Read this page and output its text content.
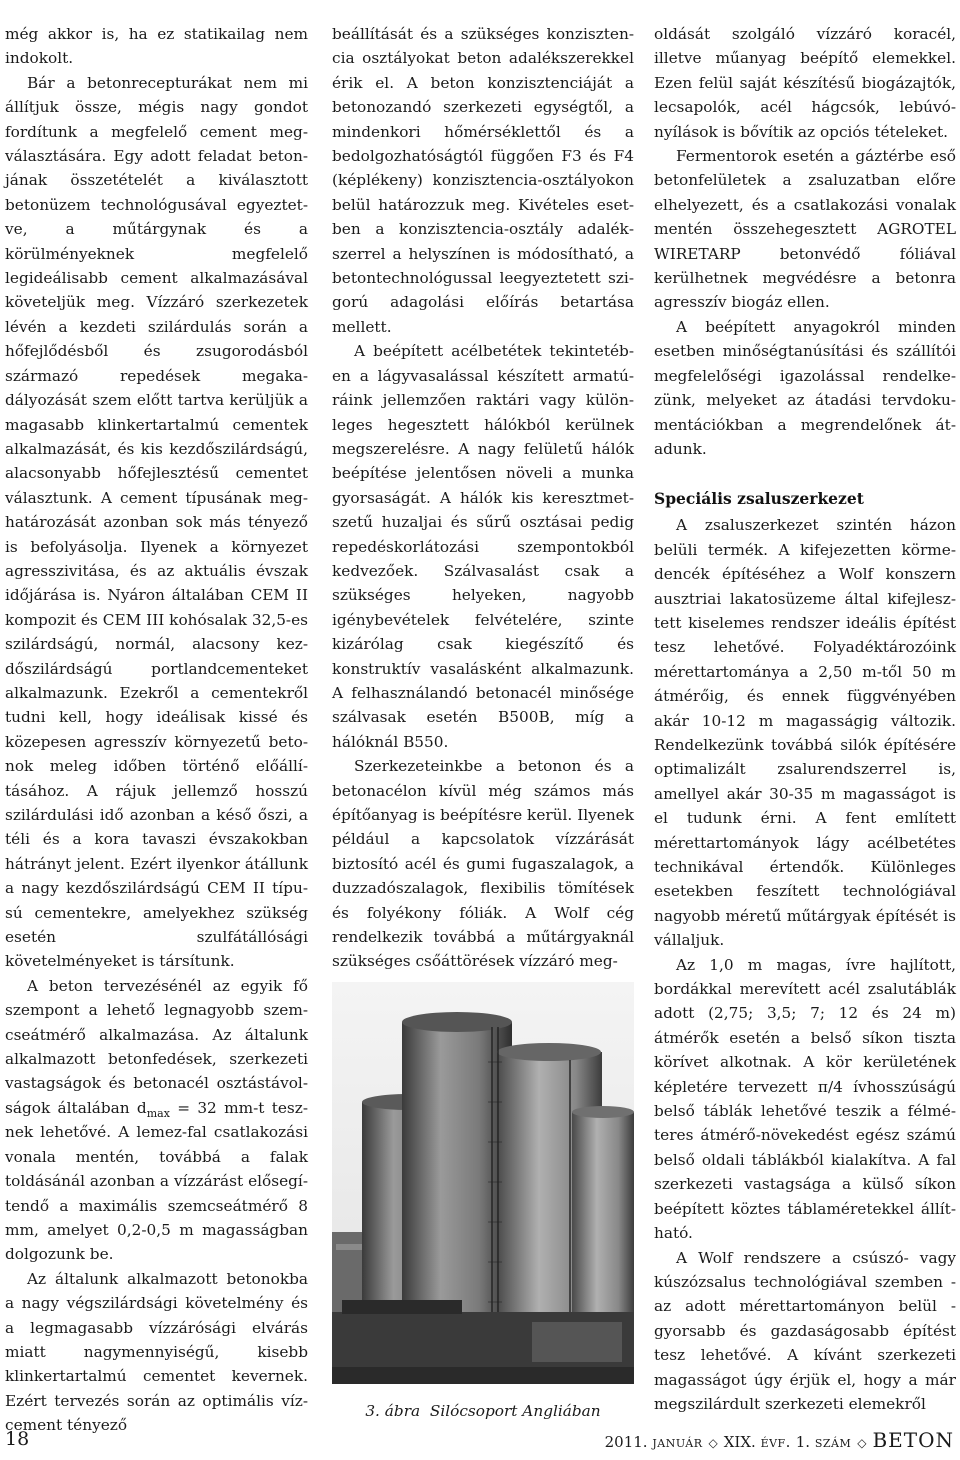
még akkor is, ha ez statikailag nem indokolt.

Bár a betonrecepturákat nem mi állítjuk össze, mégis nagy gondot fordítunk a megfelelő cement megválasztására. Egy adott feladat betonjának összetételét a kiválasztott betonüzem technológusával egyeztetve, a műtárgynak és a körülményeknek megfelelő legideálisabb cement alkalmazásával követeljük meg. Vízzáró szerkezetek lévén a kezdeti szilárdulás során a hőfejlődésből és zsugorodásból származó repedések megakadályozását szem előtt tartva kerüljük a magasabb klinkertartalmú cementek alkalmazását, és kis kezdőszilárdságú, alacsonyabb hőfejlesztésű cementet választunk. A cement típusának meghatározását azonban sok más tényező is befolyásolja. Ilyenek a környezet agresszivitása, és az aktuális évszak időjárása is. Nyáron általában CEM II kompozit és CEM III kohósalak 32,5-es szilárdságú, normál, alacsony kezdőszilárdságú portlandcementeket alkalmazunk. Ezekről a cementekről tudni kell, hogy ideálisak kissé és közepesen agresszív környezetű betonok meleg időben történő előállításához. A rájuk jellemző hosszú szilárdulási idő azonban a késő őszi, a téli és a kora tavaszi évszakokban hátrányt jelent. Ezért ilyenkor átállunk a nagy kezdőszilárdságú CEM II típusú cementekre, amelyekhez szükség esetén szulfátállósági követelményeket is társítunk.

A beton tervezésénél az egyik fő szempont a lehető legnagyobb szemcseátmérő alkalmazása. Az általunk alkalmazott betonfedések, szerkezeti vastagságok és betonacél osztástávolságok általában $d_{max} = 32$ mm-t tesznek lehetővé. A lemez-fal csatlakozási vonala mentén, továbbá a falak toldásánál azonban a vízzárást elősegítendő a maximális szemcseátmérő 8 mm, amelyet 0,2-0,5 m magasságban dolgozunk be.

Az általunk alkalmazott betonokba a nagy végszilárdsági követelmény és a legmagasabb vízzárósági elvárás miatt nagymennyiségű, kisebb klinkertartalmú cementet kevernek. Ezért tervezés során az optimális víz-cement tényező

beállítását és a szükséges konzisztencia osztályokat beton adalékszerekkel érik el. A beton konzisztenciáját a betonozandó szerkezeti egységtől, a mindenkori hőmérséklettől és a bedolgozhatóságtól függően F3 és F4 (képlékeny) konzisztencia-osztályokon belül határozzuk meg. Kivételes esetben a konzisztencia-osztály adalékszerrel a helyszínen is módosítható, a betontechnológussal leegyeztetett szigorú adagolási előírás betartása mellett.

A beépített acélbetétek tekintetében a lágyvasalással készített armatúráink jellemzően raktári vagy különleges hegesztett hálókból kerülnek megszerelésre. A nagy felületű hálók beépítése jelentősen növeli a munka gyorsaságát. A hálók kis keresztmetszetű huzaljai és sűrű osztásai pedig repedéskorlátozási szempontokból kedvezőek. Szálvasalást csak a szükséges helyeken, nagyobb igénybevételek felvételére, szinte kizárólag csak kiegészítő és konstruktív vasalásként alkalmazunk. A felhasználandó betonacél minősége szálvasak esetén B500B, míg a hálóknál B550.

Szerkezeteinkbe a betonon és a betonacélon kívül még számos más építőanyag is beépítésre kerül. Ilyenek például a kapcsolatok vízzárását biztosító acél és gumi fugaszalagok, a duzzadószalagok, flexibilis tömítések és folyékony fóliák. A Wolf cég rendelkezik továbbá a műtárgyaknál szükséges csőáttörések vízzáró meg-

3. ábra Silócsoport Angliában

oldását szolgáló vízzáró koracél, illetve műanyag beépítő elemekkel. Ezen felül saját készítésű biogázajtók, lecsapolók, acél hágcsók, lebúvónyílások is bővítik az opciós tételeket.

Fermentorok esetén a gáztérbe eső betonfelületek a zsaluzatban előre elhelyezett, és a csatlakozási vonalak mentén összehegesztett AGROTEL WIRETARP betonvédő fóliával kerülhetnek megvédésre a betonra agresszív biogáz ellen.

A beépített anyagokról minden esetben minőségtanúsítási és szállítói megfelelőségi igazolással rendelkezünk, melyeket az átadási tervdokumentációkban a megrendelőnek átadunk.

Speciális zsaluszerkezet

A zsaluszerkezet szintén házon belüli termék. A kifejezetten körmedencék építéséhez a Wolf konszern ausztriai lakatosüzeme által kifejlesztett kiselemes rendszer ideális építést tesz lehetővé. Folyadéktározóink mérettartománya a 2,50 m-től 50 m átmérőig, és ennek függvényében akár 10-12 m magasságig változik. Rendelkezünk továbbá silók építésére optimalizált zsalurendszerrel is, amellyel akár 30-35 m magasságot is el tudunk érni. A fent említett mérettartományok lágy acélbetétes technikával értendők. Különleges esetekben feszített technológiával nagyobb méretű műtárgyak építését is vállaljuk.

Az 1,0 m magas, ívre hajlított, bordákkal merevített acél zsalutáblák adott (2,75; 3,5; 7; 12 és 24 m) átmérők esetén a belső síkon tiszta körívet alkotnak. A kör kerületének képletére tervezett π/4 ívhosszúságú belső táblák lehetővé teszik a félméteres átmérő-növekedést egész számú belső oldali táblákból kialakítva. A fal szerkezeti vastagsága a külső síkon beépített köztes táblaméretekkel állítható.

A Wolf rendszere a csúszó- vagy kúszózsalus technológiával szemben - az adott mérettartományon belül - gyorsabb és gazdaságosabb építést tesz lehetővé. A kívánt szerkezeti magasságot úgy érjük el, hogy a már megszilárdult szerkezeti elemekről

18	2011. január ◇ XIX. évf. 1. szám ◇ BETON
